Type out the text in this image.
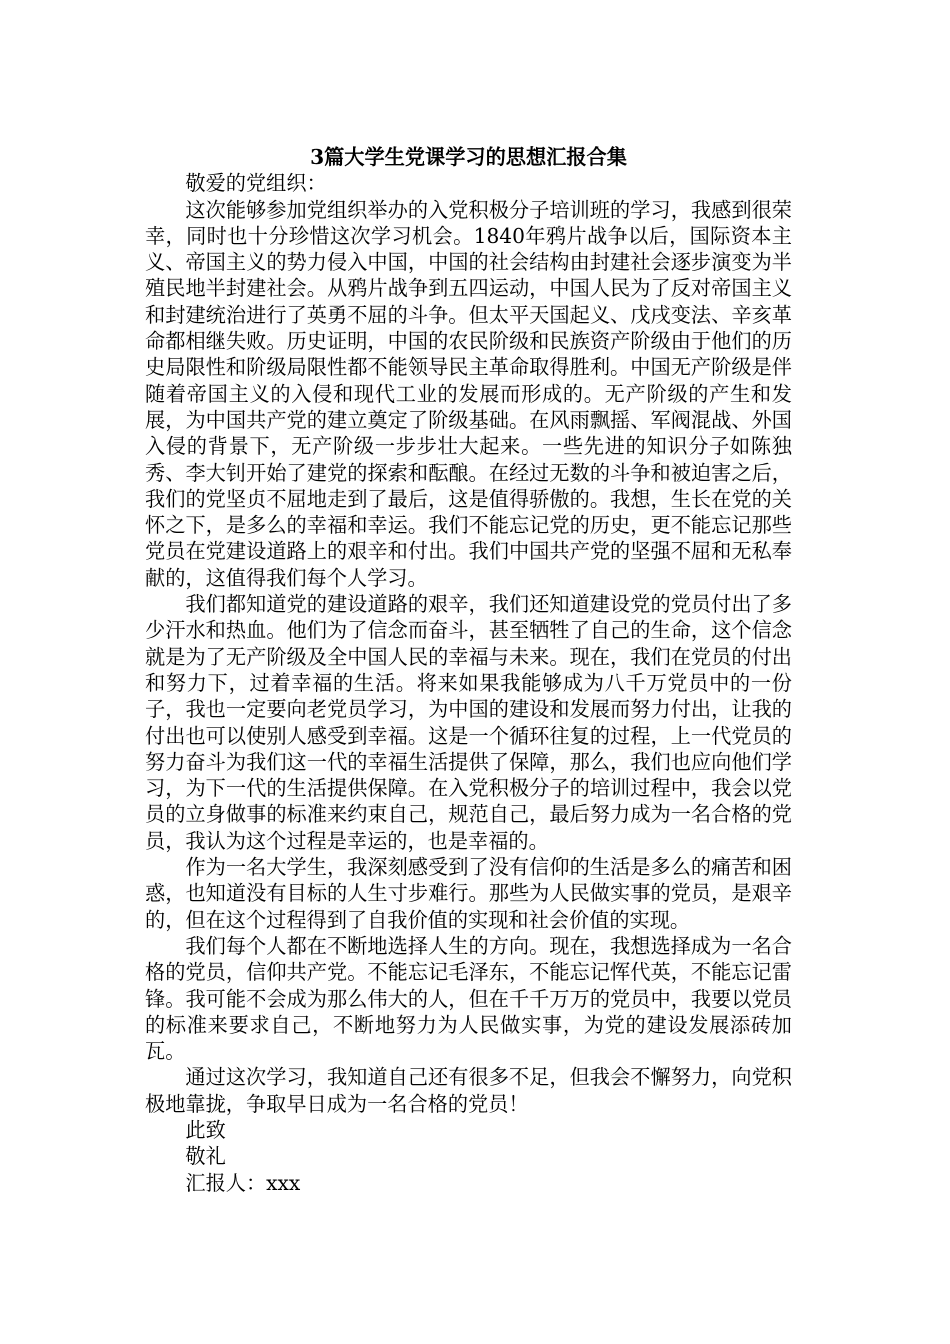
3篇大学生党课学习的思想汇报合集

敬爱的党组织：

这次能够参加党组织举办的入党积极分子培训班的学习，我感到很荣幸，同时也十分珍惜这次学习机会。1840年鸦片战争以后，国际资本主义、帝国主义的势力侵入中国，中国的社会结构由封建社会逐步演变为半殖民地半封建社会。从鸦片战争到五四运动，中国人民为了反对帝国主义和封建统治进行了英勇不屈的斗争。但太平天国起义、戊戌变法、辛亥革命都相继失败。历史证明，中国的农民阶级和民族资产阶级由于他们的历史局限性和阶级局限性都不能领导民主革命取得胜利。中国无产阶级是伴随着帝国主义的入侵和现代工业的发展而形成的。无产阶级的产生和发展，为中国共产党的建立奠定了阶级基础。在风雨飘摇、军阀混战、外国入侵的背景下，无产阶级一步步壮大起来。一些先进的知识分子如陈独秀、李大钊开始了建党的探索和酝酿。在经过无数的斗争和被迫害之后，我们的党坚贞不屈地走到了最后，这是值得骄傲的。我想，生长在党的关怀之下，是多么的幸福和幸运。我们不能忘记党的历史，更不能忘记那些党员在党建设道路上的艰辛和付出。我们中国共产党的坚强不屈和无私奉献的，这值得我们每个人学习。

我们都知道党的建设道路的艰辛，我们还知道建设党的党员付出了多少汗水和热血。他们为了信念而奋斗，甚至牺牲了自己的生命，这个信念就是为了无产阶级及全中国人民的幸福与未来。现在，我们在党员的付出和努力下，过着幸福的生活。将来如果我能够成为八千万党员中的一份子，我也一定要向老党员学习，为中国的建设和发展而努力付出，让我的付出也可以使别人感受到幸福。这是一个循环往复的过程，上一代党员的努力奋斗为我们这一代的幸福生活提供了保障，那么，我们也应向他们学习，为下一代的生活提供保障。在入党积极分子的培训过程中，我会以党员的立身做事的标准来约束自己，规范自己，最后努力成为一名合格的党员，我认为这个过程是幸运的，也是幸福的。

作为一名大学生，我深刻感受到了没有信仰的生活是多么的痛苦和困惑，也知道没有目标的人生寸步难行。那些为人民做实事的党员，是艰辛的，但在这个过程得到了自我价值的实现和社会价值的实现。

我们每个人都在不断地选择人生的方向。现在，我想选择成为一名合格的党员，信仰共产党。不能忘记毛泽东，不能忘记恽代英，不能忘记雷锋。我可能不会成为那么伟大的人，但在千千万万的党员中，我要以党员的标准来要求自己，不断地努力为人民做实事，为党的建设发展添砖加瓦。

通过这次学习，我知道自己还有很多不足，但我会不懈努力，向党积极地靠拢，争取早日成为一名合格的党员！

此致

敬礼

汇报人：xxx
